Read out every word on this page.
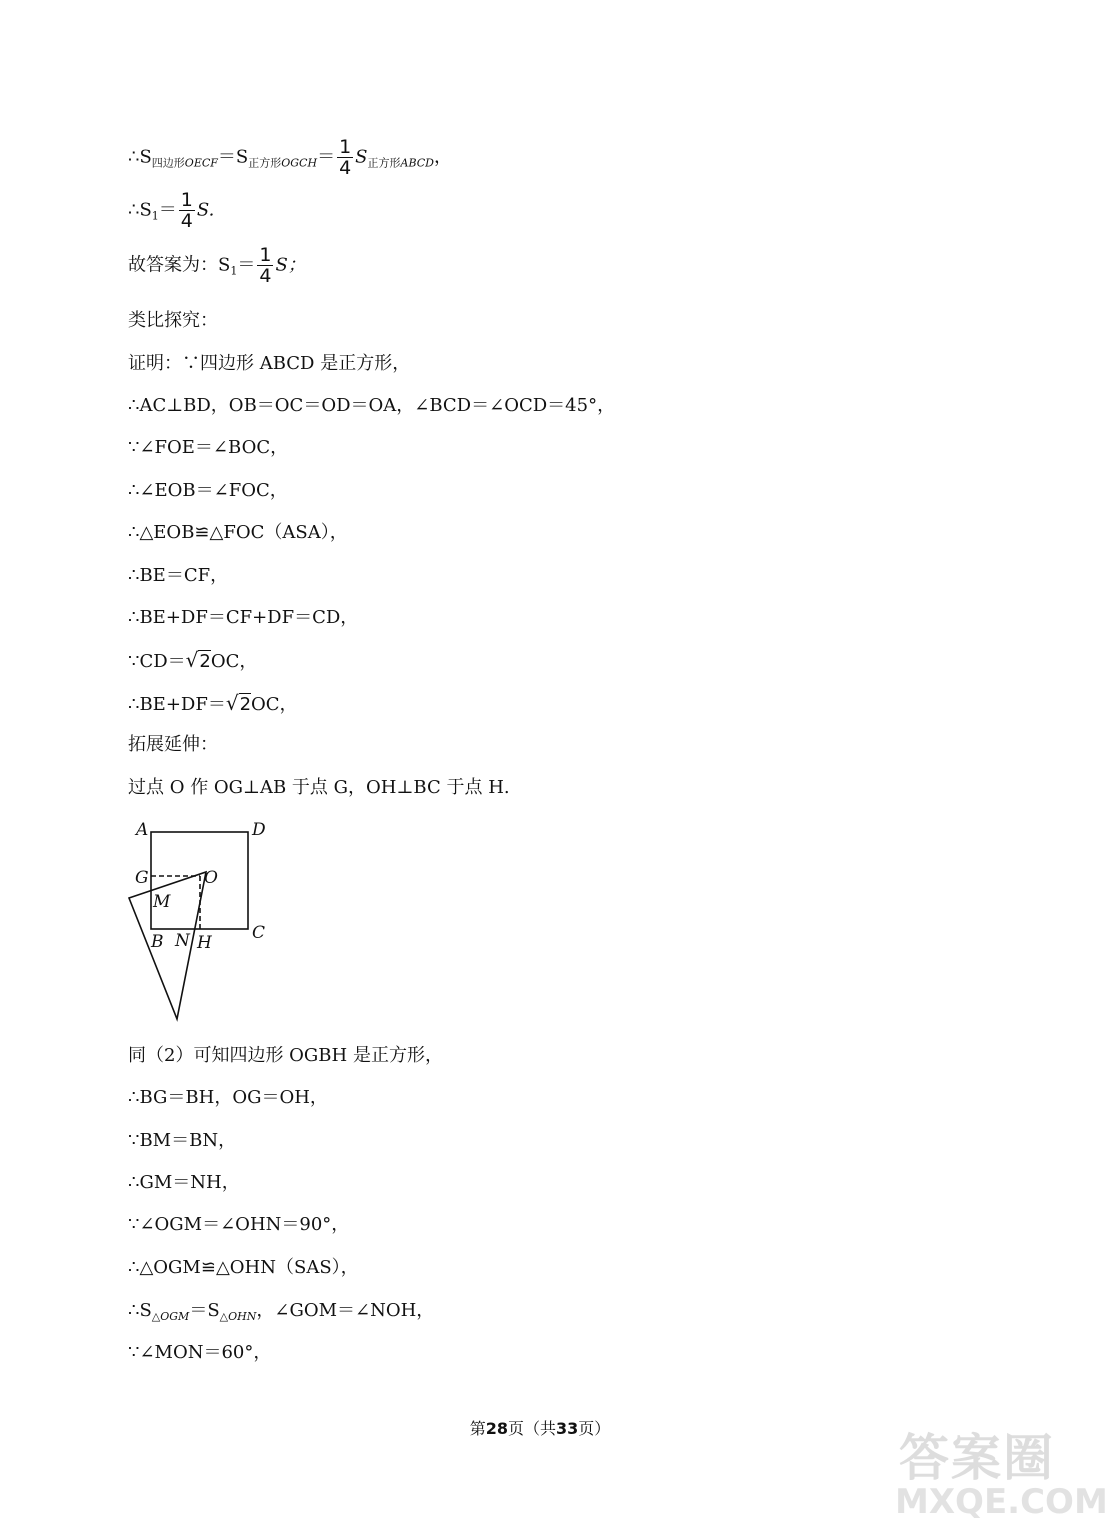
$\therefore S_{四边形OECF}=S_{正方形OGCH}= \frac{1}{4} S_{正方形ABCD}$，
$\therefore S_1= \frac{1}{4} S$.
故答案为：$S_1= \frac{1}{4}$ S；
类比探究：
证明：∵四边形 ABCD 是正方形，
∴AC⊥BD，OB＝OC＝OD＝OA，∠BCD＝∠OCD＝45°，
∵∠FOE＝∠BOC，
∴∠EOB＝∠FOC，
∴△EOB≌△FOC（ASA），
∴BE＝CF，
∴BE+DF＝CF+DF＝CD，
∵CD＝√2OC，
∴BE+DF＝√2OC，
拓展延伸：
过点 O 作 OG⊥AB 于点 G，OH⊥BC 于点 H.
A	D
G	O
M
B N H C
同（2）可知四边形 OGBH 是正方形，
∴BG＝BH，OG＝OH，
∵BM＝BN，
∴GM＝NH，
∵∠OGM＝∠OHN＝90°，
∴△OGM≌△OHN（SAS），
$\therefore S_{\triangle OGM}=S_{\triangle OHN}$，∠GOM＝∠NOH，
∵∠MON＝60°，
第28页（共33页）
答案圈
MXQE.COM
